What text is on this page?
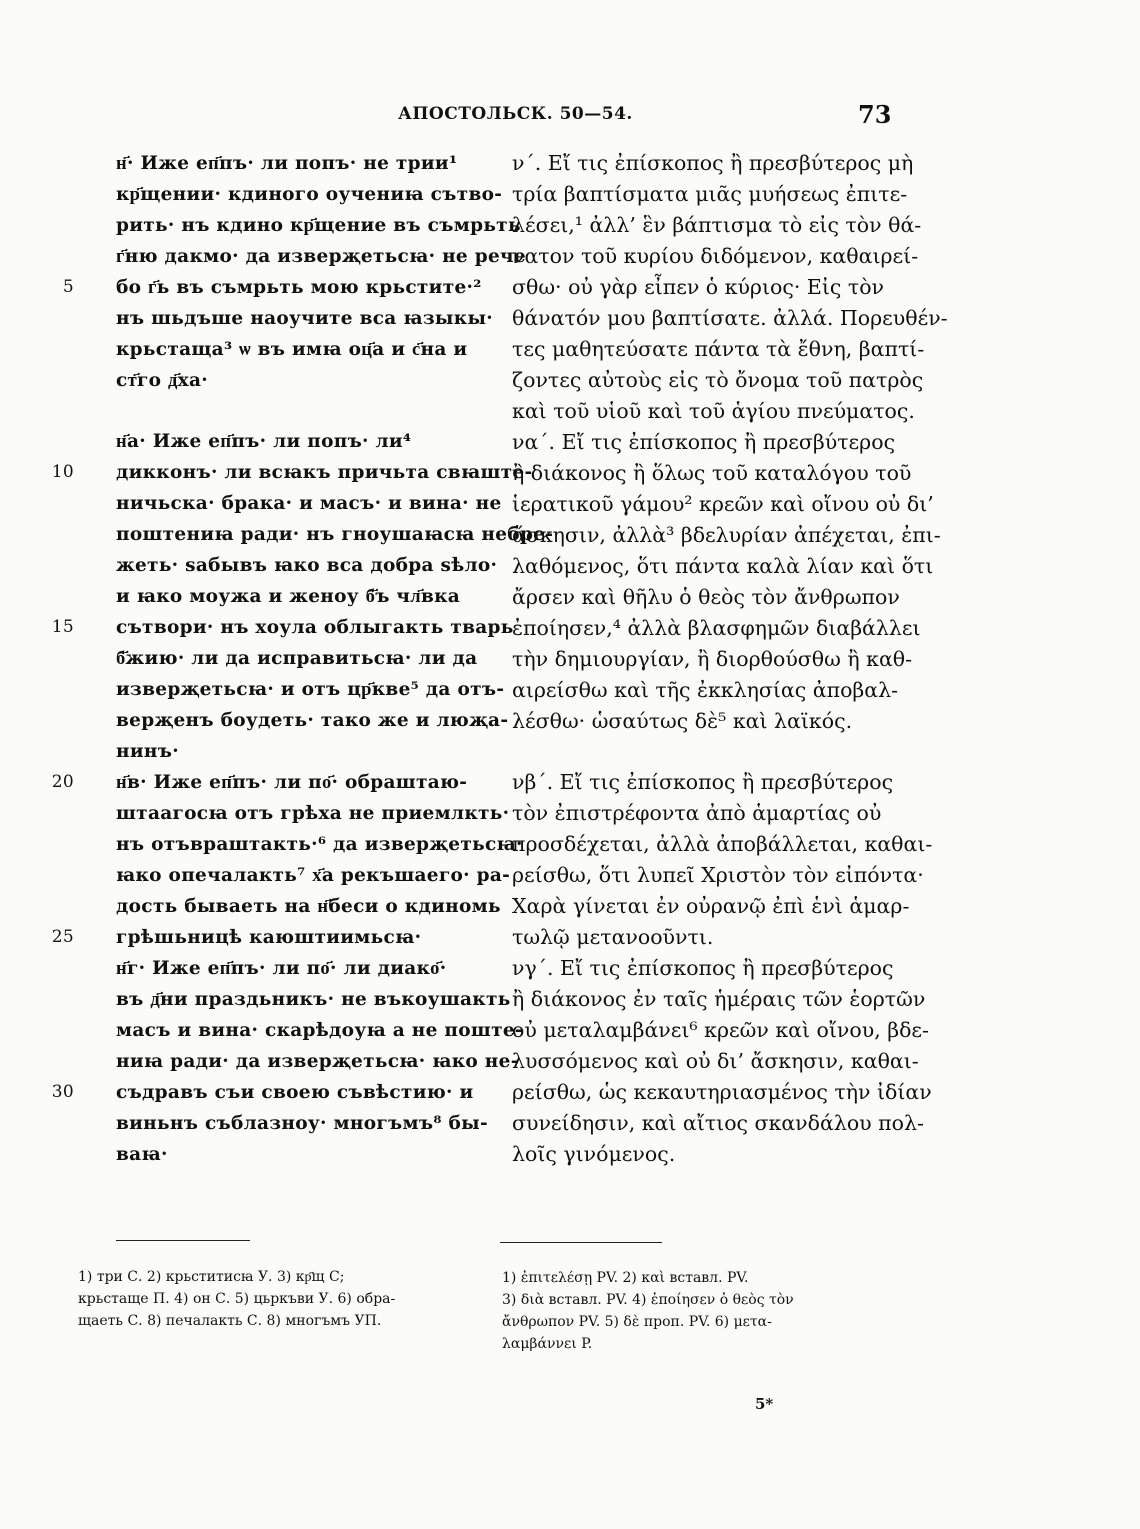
АПОСТОЛЬСК. 50—54.	73
н҃· Иже еп҃пъ· ли попъ· не трии¹
кр҃щении· кдиного оучениꙗ сътво-
рить· нъ кдино кр҃щение въ съмрьть
г҃ню дакмо· да изверҗетьсꙗ· не рече
5 бо г҃ь въ съмрьть мою крьстите·²
нъ шьдъше наоучите вса ꙗзыкы·
крьстаща³ ѡ въ имꙗ оц҃а и с҃на и
ст҃го д҃ха·
н҃а· Иже еп҃пъ· ли попъ· ли⁴
10 дикконъ· ли всꙗкъ причьта свꙗште-
ничьска· брака· и масъ· и вина· не
поштениꙗ ради· нъ гноушаꙗсꙗ небре-
жеть· ѕабывъ ꙗко вса добра ѕѣло·
и ꙗко моужа и женоу б҃ъ чл҃вка
15 сътвори· нъ хоула облыгакть тварь
б҃жию· ли да исправитьсꙗ· ли да
изверҗетьсꙗ· и отъ цр҃кве⁵ да отъ-
верҗенъ боудеть· тако же и люҗа-
нинъ·
20 н҃в· Иже еп҃пъ· ли по҃· обраштаю-
штаагосꙗ отъ грѣха не приемлкть·
нъ отъвраштакть·⁶ да изверҗетьсꙗ·
ꙗко опечалакть⁷ х҃а рекъшаего· ра-
дость бываеть на н҃беси о кдиномь
25 грѣшьницѣ каюштиимьсꙗ·
н҃г· Иже еп҃пъ· ли по҃· ли диако҃·
въ д҃ни праздьникъ· не въкоушакть
масъ и вина· скарѣдоуꙗ а не поште-
ниꙗ ради· да изверҗетьсꙗ· ꙗко не-
30 съдравъ съи своею съвѣстию· и
виньнъ съблазноу· многъмъ⁸ бы-
ваꙗ·
ν΄. Εἴ τις ἐπίσκοπος ἢ πρεσβύτερος μὴ
τρία βαπτίσματα μιᾶς μυήσεως ἐπιτε-
λέσει,¹ ἀλλ’ ἓν βάπτισμα τὸ εἰς τὸν θά-
νατον τοῦ κυρίου διδόμενον, καθαιρεί-
σθω· οὐ γὰρ εἶπεν ὁ κύριος· Εἰς τὸν
θάνατόν μου βαπτίσατε. ἀλλά. Πορευθέν-
τες μαθητεύσατε πάντα τὰ ἔθνη, βαπτί-
ζοντες αὐτοὺς εἰς τὸ ὄνομα τοῦ πατρὸς
καὶ τοῦ υἱοῦ καὶ τοῦ ἁγίου πνεύματος.
να΄. Εἴ τις ἐπίσκοπος ἢ πρεσβύτερος
ἢ διάκονος ἢ ὅλως τοῦ καταλόγου τοῦ
ἱερατικοῦ γάμου² κρεῶν καὶ οἴνου οὐ δι’
ἄσκησιν, ἀλλὰ³ βδελυρίαν ἀπέχεται, ἐπι-
λαθόμενος, ὅτι πάντα καλὰ λίαν καὶ ὅτι
ἄρσεν καὶ θῆλυ ὁ θεὸς τὸν ἄνθρωπον
ἐποίησεν,⁴ ἀλλὰ βλασφημῶν διαβάλλει
τὴν δημιουργίαν, ἢ διορθούσθω ἢ καθ-
αιρείσθω καὶ τῆς ἐκκλησίας ἀποβαλ-
λέσθω· ὡσαύτως δὲ⁵ καὶ λαϊκός.
νβ΄. Εἴ τις ἐπίσκοπος ἢ πρεσβύτερος
τὸν ἐπιστρέφοντα ἀπὸ ἁμαρτίας οὐ
προσδέχεται, ἀλλὰ ἀποβάλλεται, καθαι-
ρείσθω, ὅτι λυπεῖ Χριστὸν τὸν εἰπόντα·
Χαρὰ γίνεται ἐν οὐρανῷ ἐπὶ ἑνὶ ἁμαρ-
τωλῷ μετανοοῦντι.
νγ΄. Εἴ τις ἐπίσκοπος ἢ πρεσβύτερος
ἢ διάκονος ἐν ταῖς ἡμέραις τῶν ἑορτῶν
οὐ μεταλαμβάνει⁶ κρεῶν καὶ οἴνου, βδε-
λυσσόμενος καὶ οὐ δι’ ἄσκησιν, καθαι-
ρείσθω, ὡς κεκαυτηριασμένος τὴν ἰδίαν
συνείδησιν, καὶ αἴτιος σκανδάλου πολ-
λοῖς γινόμενος.
1) три С. 2) крьститисꙗ У. 3) кр҃щ С;
крьстаще П. 4) он С. 5) цьркъви У. 6) обра-
щаеть С. 8) печалакть С. 8) многъмъ УП.
1) ἐπιτελέσῃ PV. 2) καὶ вставл. PV.
3) διὰ вставл. PV. 4) ἐποίησεν ὁ θεὸς τὸν
ἄνθρωπον PV. 5) δὲ проп. PV. 6) μετα-
λαμβάννει P.
5*
